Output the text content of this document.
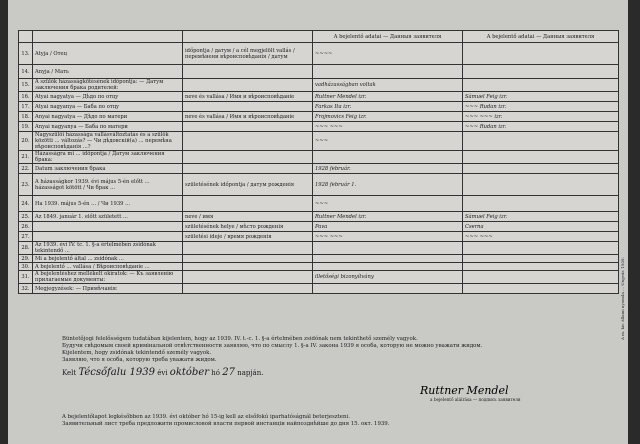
			A bejelentő adatai — Данныя заявителя	A bejelentő adatai — Данныя заявителя
13.	Atyja / Отец	időpontja / датум / a cél megjelölt vallás / перемѣнени вѣроисповѣданія / датум	~~~~	
14.	Anyja / Мать			
15.	A szülők házasságkötésének időpontja: — Датум заключения брака родителей:		vadházasságban voltak	
16.	Atyai nagyatya — Дѣдо по отцу	neve és vallása / Имя и вѣроисповѣданіе	Ruttner Mendel izr.	Sámuel Feig izr.
17.	Atyai nagyanya — Баба по отцу		Farkas Ita izr.	~~~ Rudan izr.
18.	Anyai nagyatya — Дѣдо по матери	neve és vallása / Имя и вѣроисповѣданіе	Frojmovics Feig izr.	~~~ ~~~ izr.
19.	Anyai nagyanya — Баба по матери		~~~ ~~~	~~~ Rudan izr.
20.	Nagyszülői házassága vallásváltoztatás és a szülők közötti ... változás? — Чи дѣдовскій(а) ... перемѣна вѣроисповѣданія ...?		~~~	
21.	Házasságra mi ... időpontja / Датум заключения брака:			
22.	Datum заключения брака		1928 február.	
23.	A házasságkor 1939. évi május 5-én előtt ... házasságot kötött / Чи брак ...	születésének időpontja / датум рожденія	1928 február 1.	
24.	Ha 1939. május 5-én ... / Чи 1939 ...		~~~	
25.	Az 1849. január 1. előtt született ...	neve / имя	Ruttner Mendel izr.	Sámuel Feig izr.
26.		születésének helye / мѣсто рожденія	Pava	Cserna
27.		születési ideje / время рожденія	~~~ ~~~	~~~ ~~~
28.	Az 1939. évi IV. tc. 1. §-a értelmében zsidónak tekintendő ...			
29.	Mi a bejelentő által ... zsidónak ...			
30.	A bejelentő ... vallása / Вѣроисповѣданіе ...			
31.	A bejelentéshez mellékelt okiratok: — Къ заявленію прилагаемые документы:		illetőségi bizonyítvány	
32.	Megjegyzések: — Примѣчанія:			
Büntetőjogi felelősségem tudatában kijelentem, hogy az 1939. IV. t.-c. 1. §-a értelmében zsidónak nem tekinthető személy vagyok.
Будучи свѣдомым своей кримінальной отвѣтственности заявляю, что по смыслу 1. §-а IV. закона 1939 я особа, которую не можно уважати жидом.
Kijelentem, hogy zsidónak tekintendő személy vagyok.
Заявляю, что я особа, которую треба уважати жидом.
Kelt Técsőfalu 1939 évi október hó 27 napján.
Ruttner Mendel
a bejelentő aláírása — подпись заявителя
A bejelentőlapot legkésőbben az 1939. évi október hó 15-ig kell az elsőfokú iparhatóságnál beterjeszteni.
Заявительный лист треба предложити промисловой власти первой инстанціи найпозднѣйше до дня 15. окт. 1939.
A m. kir. állami nyomda ... Ungvár. 1939.
